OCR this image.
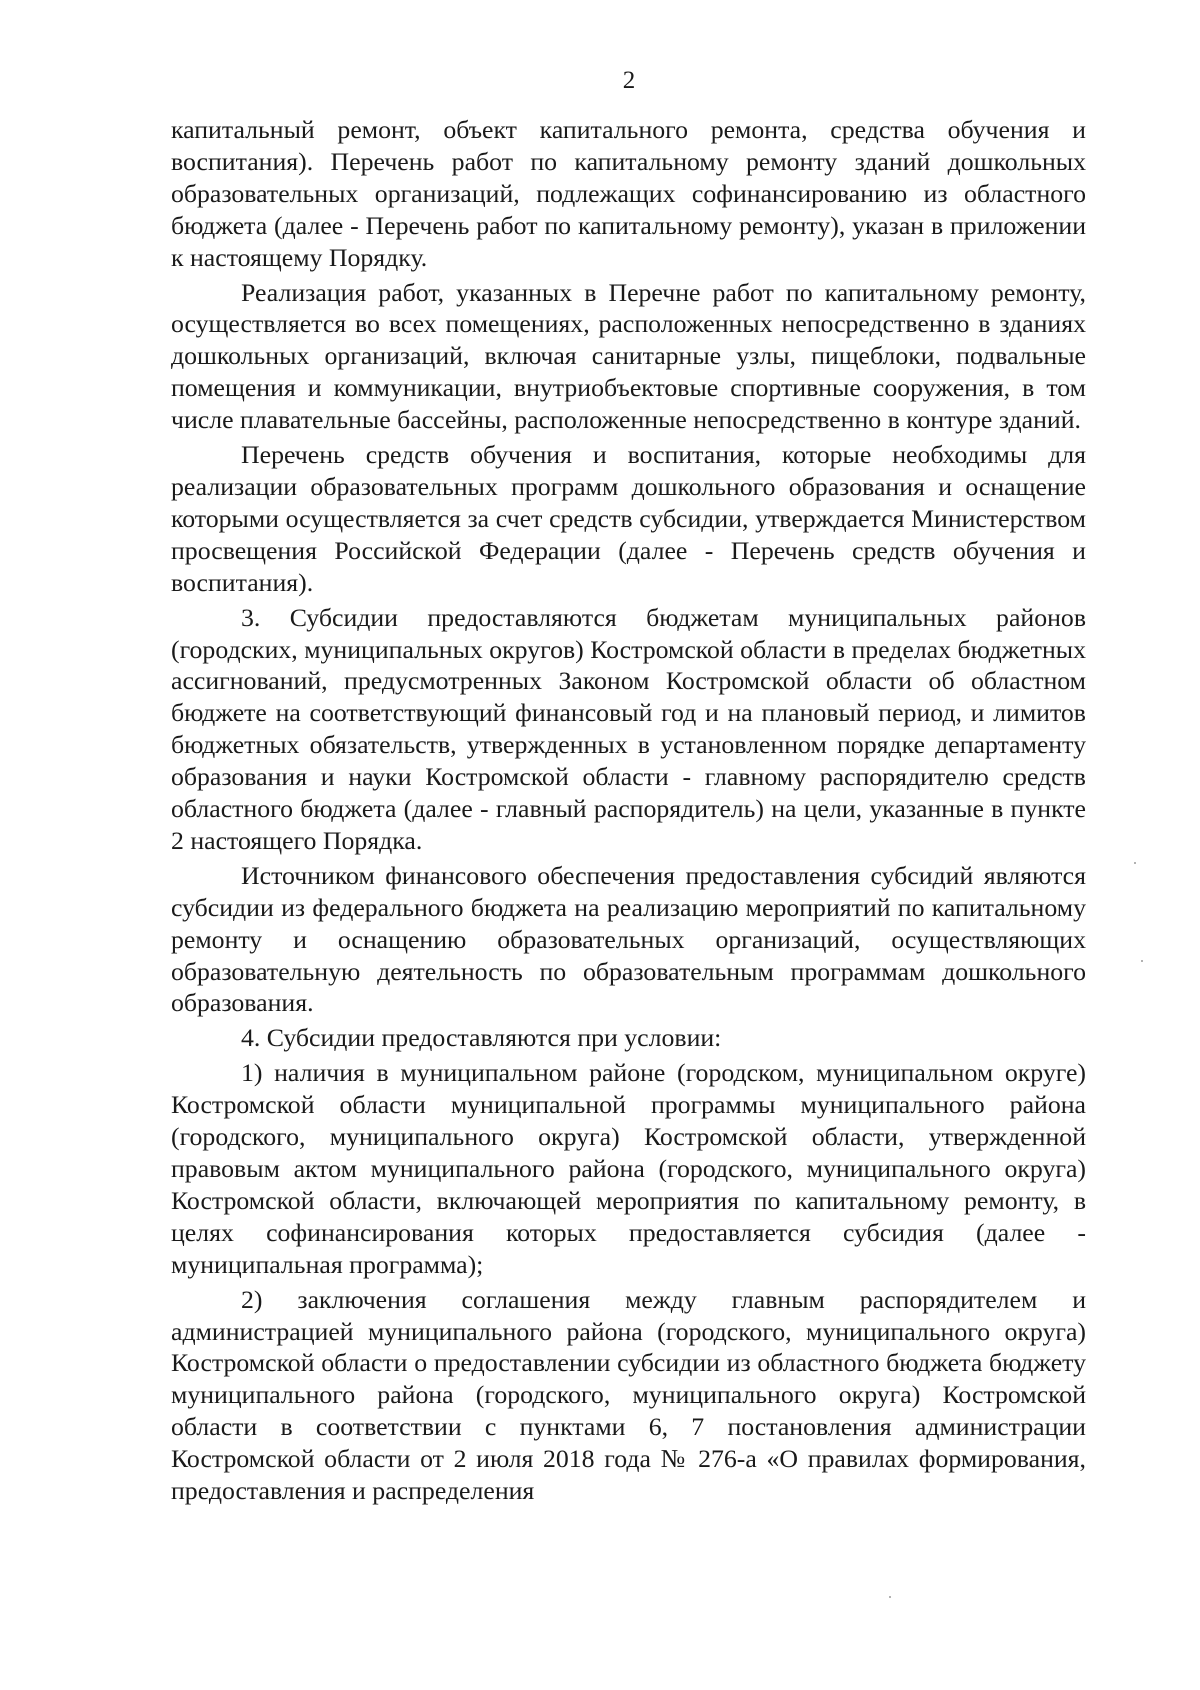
2

капитальный ремонт, объект капитального ремонта, средства обучения и воспитания). Перечень работ по капитальному ремонту зданий дошкольных образовательных организаций, подлежащих софинансированию из областного бюджета (далее - Перечень работ по капитальному ремонту), указан в приложении к настоящему Порядку.

Реализация работ, указанных в Перечне работ по капитальному ремонту, осуществляется во всех помещениях, расположенных непосредственно в зданиях дошкольных организаций, включая санитарные узлы, пищеблоки, подвальные помещения и коммуникации, внутриобъектовые спортивные сооружения, в том числе плавательные бассейны, расположенные непосредственно в контуре зданий.

Перечень средств обучения и воспитания, которые необходимы для реализации образовательных программ дошкольного образования и оснащение которыми осуществляется за счет средств субсидии, утверждается Министерством просвещения Российской Федерации (далее - Перечень средств обучения и воспитания).

3. Субсидии предоставляются бюджетам муниципальных районов (городских, муниципальных округов) Костромской области в пределах бюджетных ассигнований, предусмотренных Законом Костромской области об областном бюджете на соответствующий финансовый год и на плановый период, и лимитов бюджетных обязательств, утвержденных в установленном порядке департаменту образования и науки Костромской области - главному распорядителю средств областного бюджета (далее - главный распорядитель) на цели, указанные в пункте 2 настоящего Порядка.

Источником финансового обеспечения предоставления субсидий являются субсидии из федерального бюджета на реализацию мероприятий по капитальному ремонту и оснащению образовательных организаций, осуществляющих образовательную деятельность по образовательным программам дошкольного образования.

4. Субсидии предоставляются при условии:

1) наличия в муниципальном районе (городском, муниципальном округе) Костромской области муниципальной программы муниципального района (городского, муниципального округа) Костромской области, утвержденной правовым актом муниципального района (городского, муниципального округа) Костромской области, включающей мероприятия по капитальному ремонту, в целях софинансирования которых предоставляется субсидия (далее - муниципальная программа);

2) заключения соглашения между главным распорядителем и администрацией муниципального района (городского, муниципального округа) Костромской области о предоставлении субсидии из областного бюджета бюджету муниципального района (городского, муниципального округа) Костромской области в соответствии с пунктами 6, 7 постановления администрации Костромской области от 2 июля 2018 года № 276-а «О правилах формирования, предоставления и распределения
